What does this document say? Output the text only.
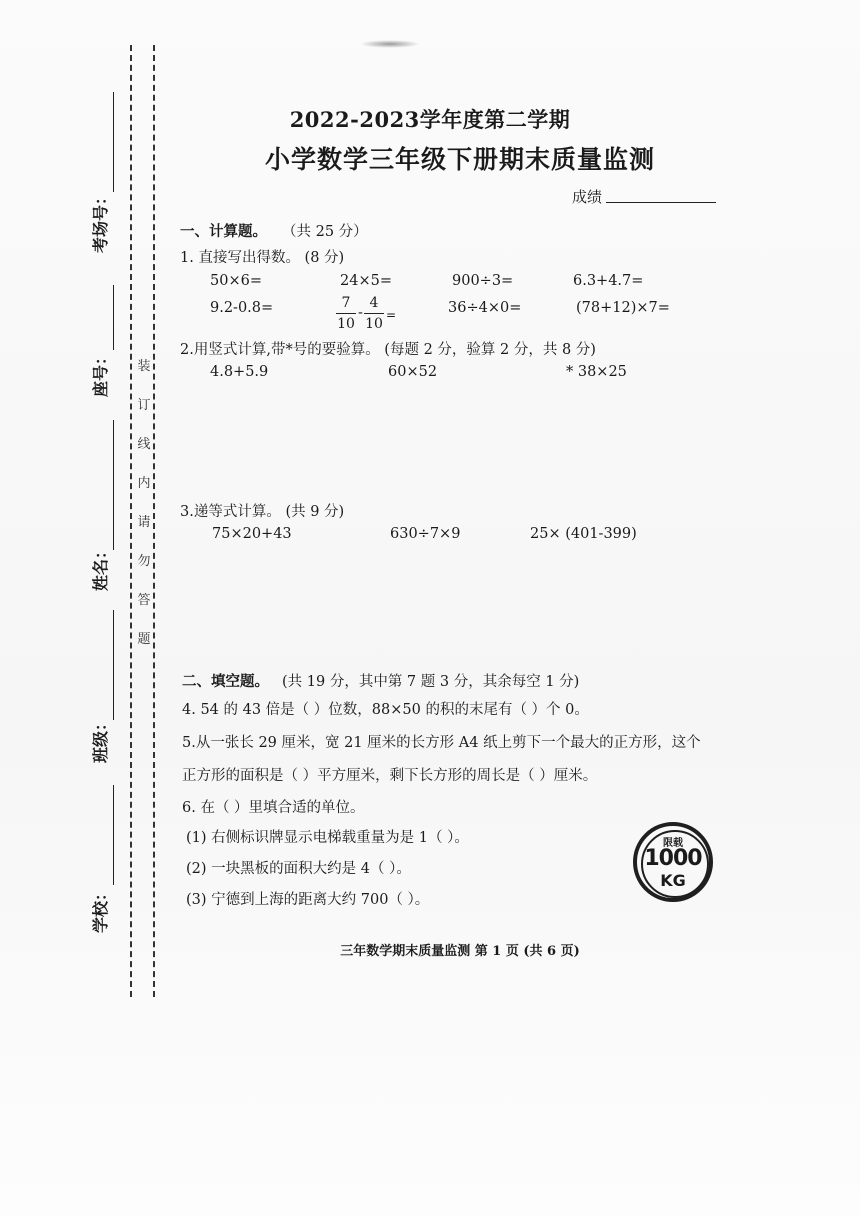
考场号：
座号：
姓名：
班级：
学校：
装
订
线
内
请
勿
答
题
2022-2023学年度第二学期
小学数学三年级下册期末质量监测
成绩
一、计算题。 （共 25 分）
1. 直接写出得数。 (8 分)
50×6=	24×5=	900÷3=	6.3+4.7=
9.2-0.8=	7
10
-
4
10
=	36÷4×0=	(78+12)×7=
2.用竖式计算,带*号的要验算。 (每题 2 分，验算 2 分，共 8 分)
4.8+5.9	60×52	* 38×25
3.递等式计算。 (共 9 分)
75×20+43	630÷7×9	25× (401-399)
二、填空题。 (共 19 分，其中第 7 题 3 分，其余每空 1 分)
4. 54 的 43 倍是（ ）位数，88×50 的积的末尾有（ ）个 0。
5.从一张长 29 厘米，宽 21 厘米的长方形 A4 纸上剪下一个最大的正方形，这个
正方形的面积是（ ）平方厘米，剩下长方形的周长是（ ）厘米。
6. 在（ ）里填合适的单位。
(1) 右侧标识牌显示电梯载重量为是 1（ ）。
(2) 一块黑板的面积大约是 4（ ）。
(3) 宁德到上海的距离大约 700（ ）。
限载
1000
KG
三年数学期末质量监测 第 1 页 (共 6 页)
